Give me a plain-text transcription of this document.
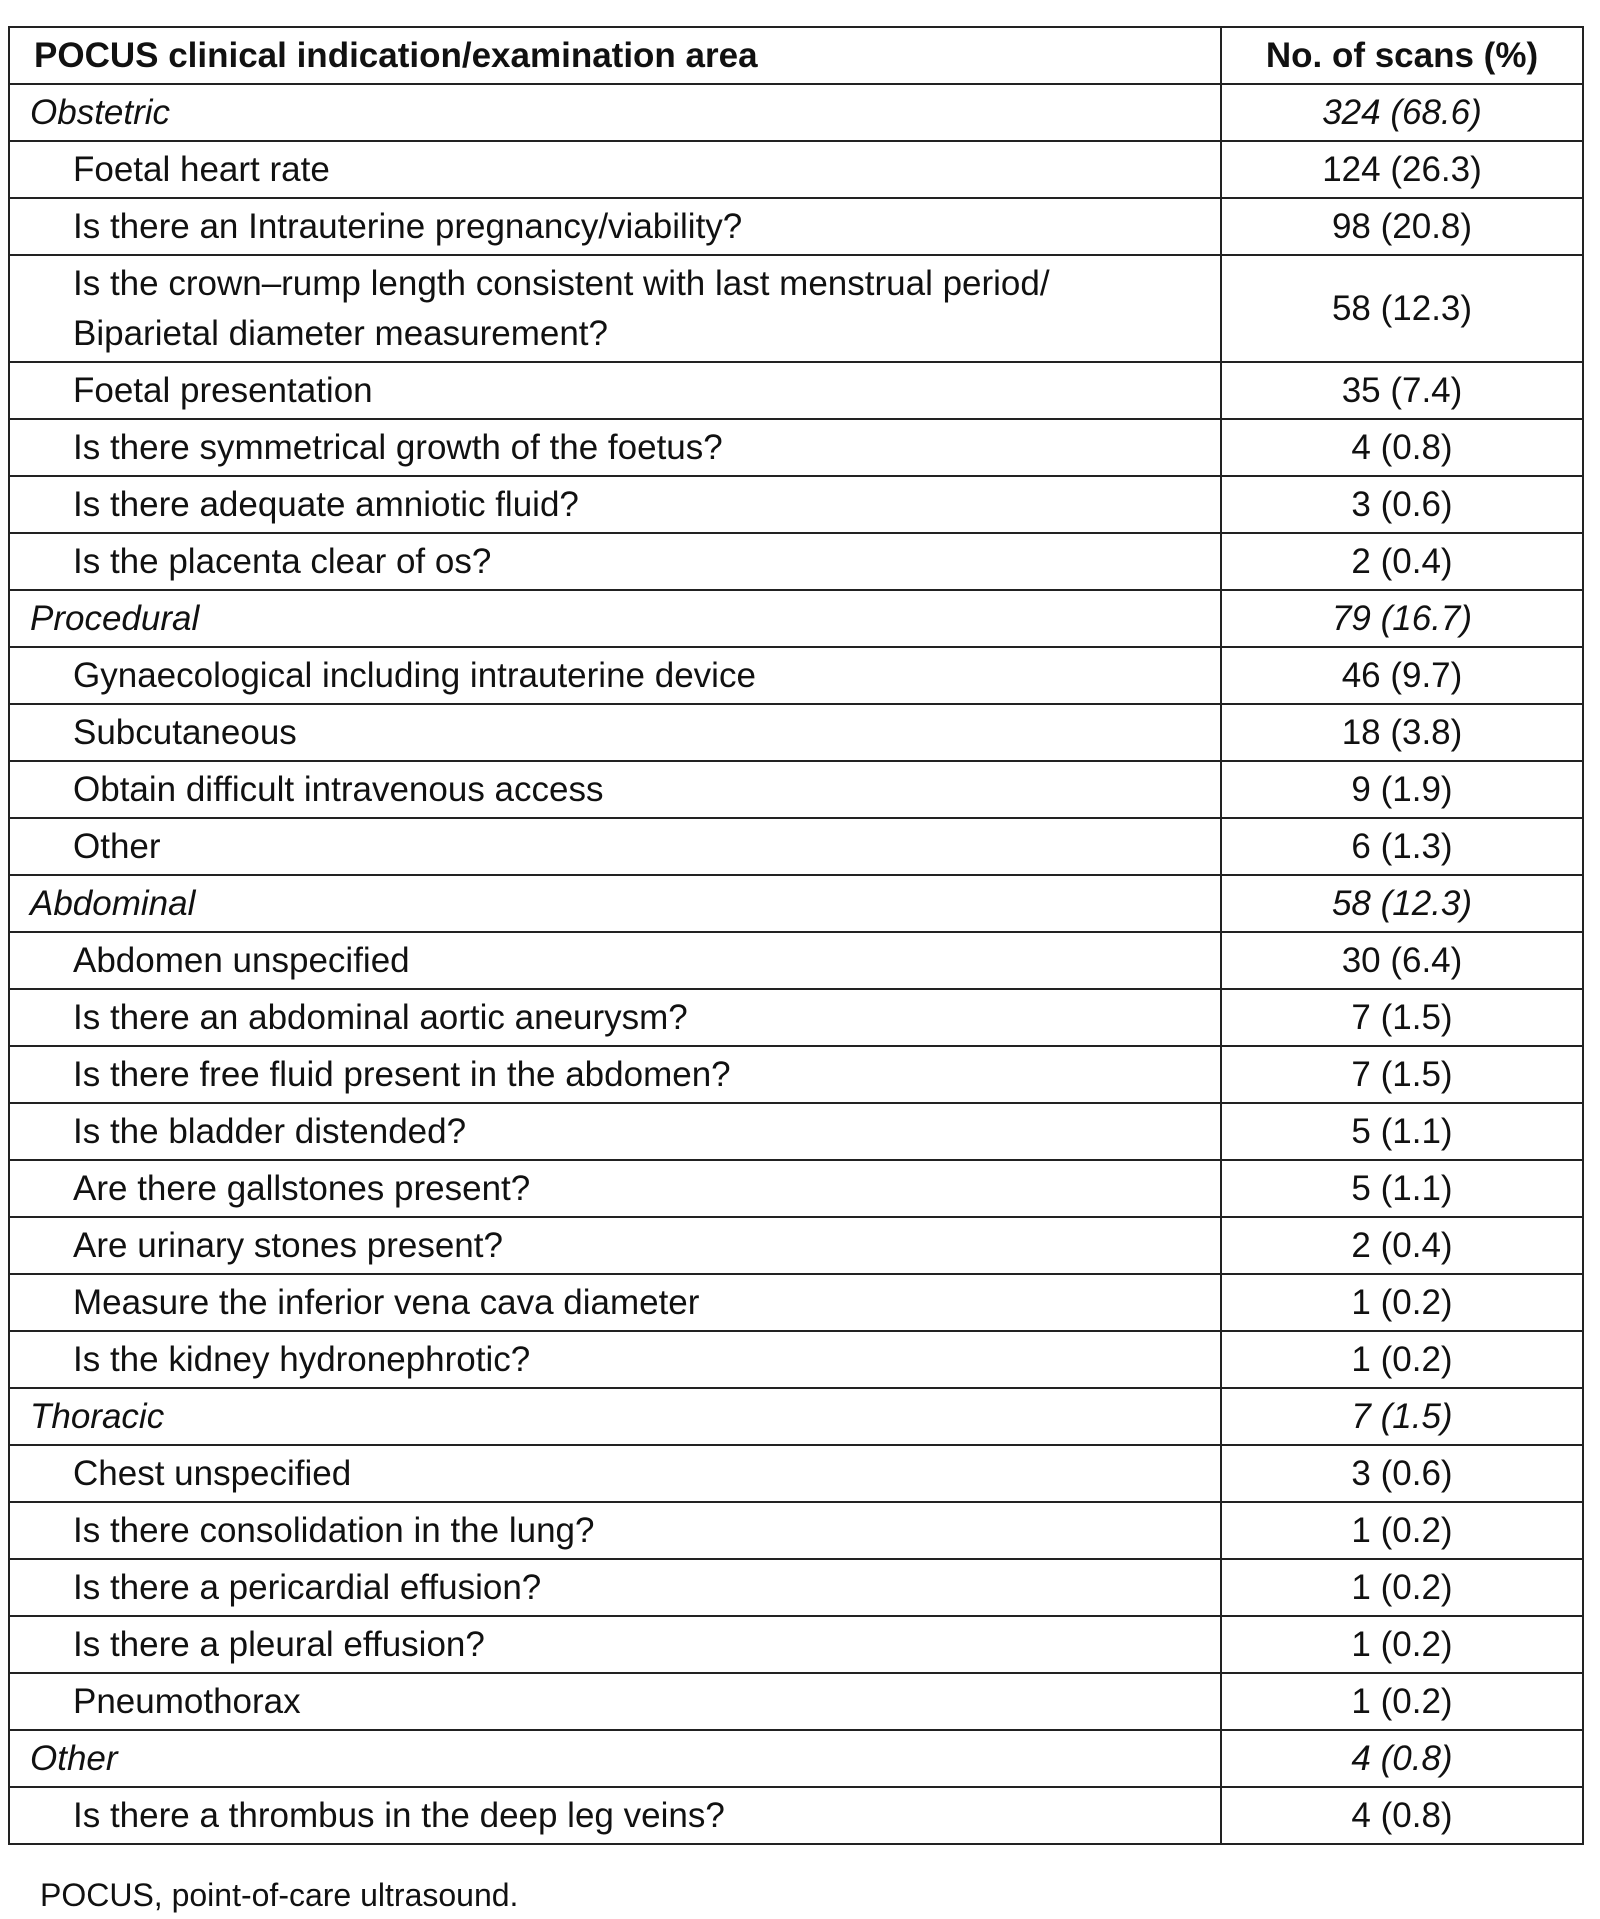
POCUS clinical indication/examination area	No. of scans (%)
Obstetric	324 (68.6)
Foetal heart rate	124 (26.3)
Is there an Intrauterine pregnancy/viability?	98 (20.8)

Is the crown–rump length consistent with last menstrual period/
Biparietal diameter measurement?	58 (12.3)
Foetal presentation	35 (7.4)
Is there symmetrical growth of the foetus?	4 (0.8)
Is there adequate amniotic fluid?	3 (0.6)
Is the placenta clear of os?	2 (0.4)
Procedural	79 (16.7)
Gynaecological including intrauterine device	46 (9.7)
Subcutaneous	18 (3.8)
Obtain difficult intravenous access	9 (1.9)
Other	6 (1.3)
Abdominal	58 (12.3)
Abdomen unspecified	30 (6.4)
Is there an abdominal aortic aneurysm?	7 (1.5)
Is there free fluid present in the abdomen?	7 (1.5)
Is the bladder distended?	5 (1.1)
Are there gallstones present?	5 (1.1)
Are urinary stones present?	2 (0.4)
Measure the inferior vena cava diameter	1 (0.2)
Is the kidney hydronephrotic?	1 (0.2)
Thoracic	7 (1.5)
Chest unspecified	3 (0.6)
Is there consolidation in the lung?	1 (0.2)
Is there a pericardial effusion?	1 (0.2)
Is there a pleural effusion?	1 (0.2)
Pneumothorax	1 (0.2)
Other	4 (0.8)
Is there a thrombus in the deep leg veins?	4 (0.8)
POCUS, point-of-care ultrasound.
